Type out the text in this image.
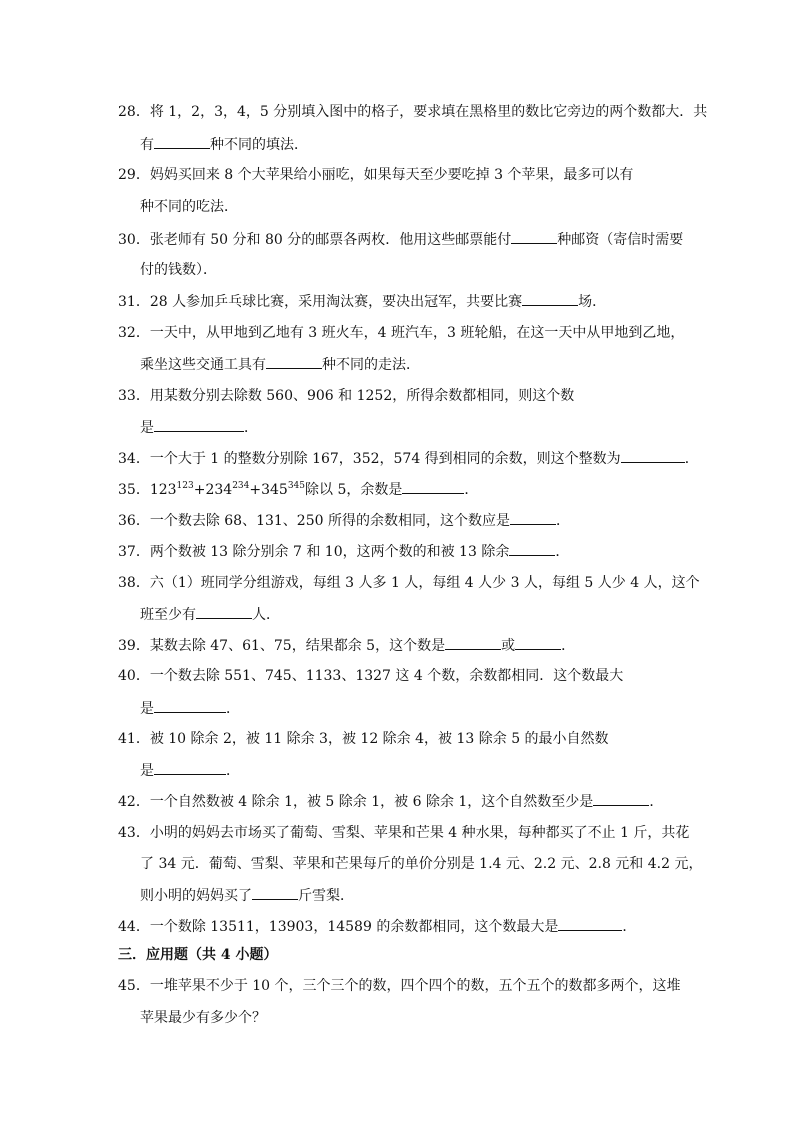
28．将 1，2，3，4，5 分别填入图中的格子，要求填在黑格里的数比它旁边的两个数都大．共
有	种不同的填法．
29．妈妈买回来 8 个大苹果给小丽吃，如果每天至少要吃掉 3 个苹果，最多可以有
种不同的吃法．
30．张老师有 50 分和 80 分的邮票各两枚．他用这些邮票能付	种邮资（寄信时需要
付的钱数）．
31．28 人参加乒乓球比赛，采用淘汰赛，要决出冠军，共要比赛	场．
32．一天中，从甲地到乙地有 3 班火车，4 班汽车，3 班轮船，在这一天中从甲地到乙地，
乘坐这些交通工具有	种不同的走法．
33．用某数分别去除数 560、906 和 1252，所得余数都相同，则这个数
是	．
34．一个大于 1 的整数分别除 167，352，574 得到相同的余数，则这个整数为	．
35．$123^{123}+234^{234}+345^{345}$除以 5，余数是	．
36．一个数去除 68、131、250 所得的余数相同，这个数应是	．
37．两个数被 13 除分别余 7 和 10，这两个数的和被 13 除余	．
38．六（1）班同学分组游戏，每组 3 人多 1 人，每组 4 人少 3 人，每组 5 人少 4 人，这个
班至少有	人．
39．某数去除 47、61、75，结果都余 5，这个数是	或	．
40．一个数去除 551、745、1133、1327 这 4 个数，余数都相同．这个数最大
是	．
41．被 10 除余 2，被 11 除余 3，被 12 除余 4，被 13 除余 5 的最小自然数
是	．
42．一个自然数被 4 除余 1，被 5 除余 1，被 6 除余 1，这个自然数至少是	．
43．小明的妈妈去市场买了葡萄、雪梨、苹果和芒果 4 种水果，每种都买了不止 1 斤，共花
了 34 元．葡萄、雪梨、苹果和芒果每斤的单价分别是 1.4 元、2.2 元、2.8 元和 4.2 元，
则小明的妈妈买了	斤雪梨．
44．一个数除 13511，13903，14589 的余数都相同，这个数最大是	．
三．应用题（共 4 小题）
45．一堆苹果不少于 10 个，三个三个的数，四个四个的数，五个五个的数都多两个，这堆
苹果最少有多少个？
